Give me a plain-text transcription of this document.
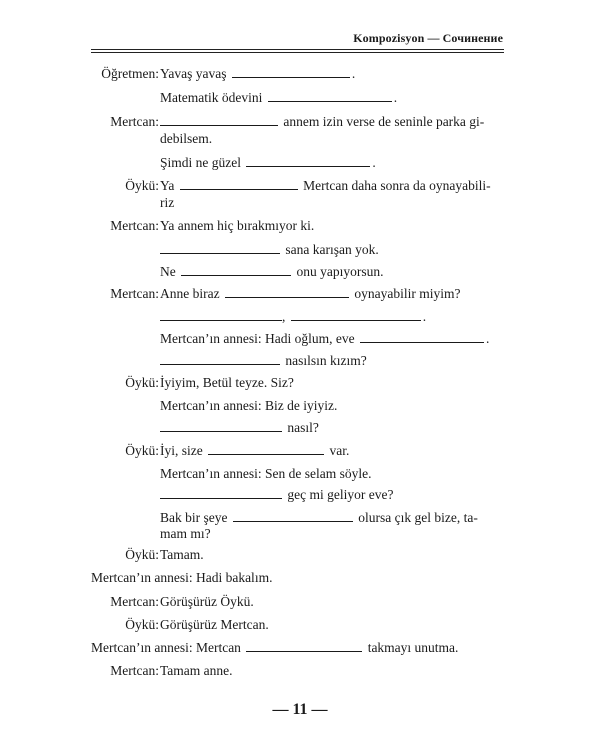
Kompozisyon — Сочинение
Öğretmen: Yavaş yavaş	.
Matematik ödevini	.
Mertcan:	annem izin verse de seninle parka gi-
debilsem.
Şimdi ne güzel	.
Öykü: Ya	Mertcan daha sonra da oynayabili-
riz
Mertcan: Ya annem hiç bırakmıyor ki.
sana karışan yok.
Ne	onu yapıyorsun.
Mertcan: Anne biraz	oynayabilir miyim?
,	.
Mertcan’ın annesi: Hadi oğlum, eve	.
nasılsın kızım?
Öykü: İyiyim, Betül teyze. Siz?
Mertcan’ın annesi: Biz de iyiyiz.
nasıl?
Öykü: İyi, size	var.
Mertcan’ın annesi: Sen de selam söyle.
geç mi geliyor eve?
Bak bir şeye	olursa çık gel bize, ta-
mam mı?
Öykü: Tamam.
Mertcan’ın annesi: Hadi bakalım.
Mertcan: Görüşürüz Öykü.
Öykü: Görüşürüz Mertcan.
Mertcan’ın annesi: Mertcan	takmayı unutma.
Mertcan: Tamam anne.
— 11 —
